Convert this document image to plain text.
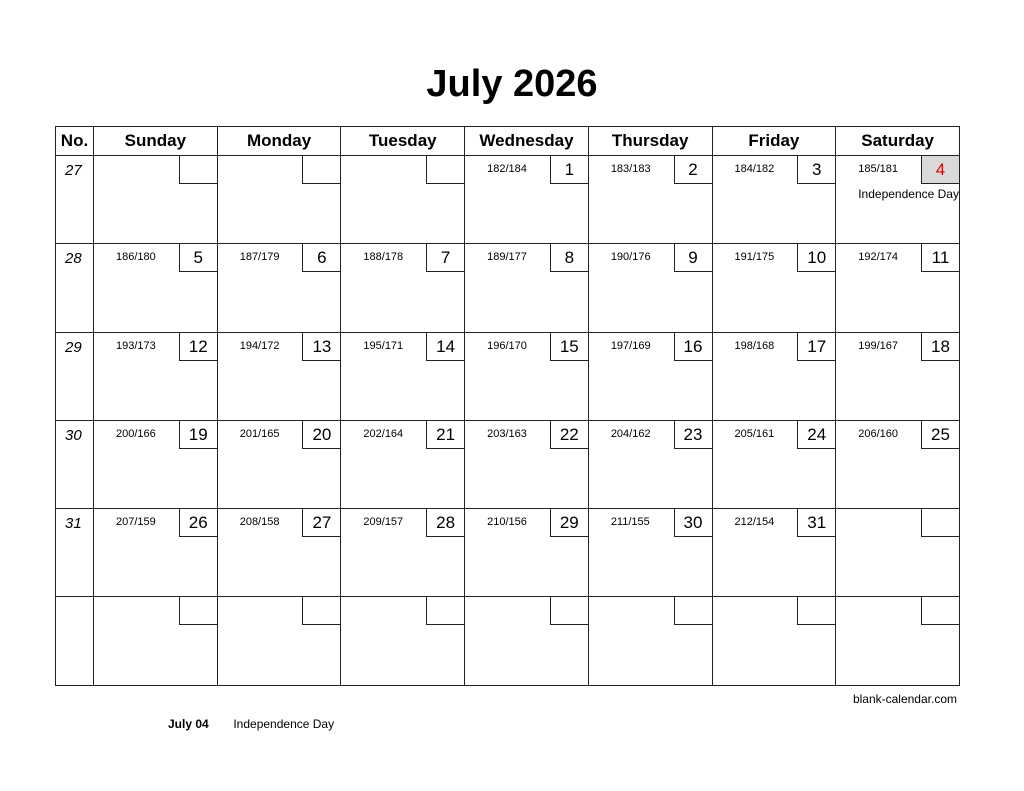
July 2026
No.	Sunday	Monday	Tuesday	Wednesday	Thursday	Friday	Saturday

27				182/184 1	183/183 2	184/182 3	185/181 4
Independence Day

28	186/180 5	187/179 6	188/178 7	189/177 8	190/176 9	191/175 10	192/174 11

29	193/173 12	194/172 13	195/171 14	196/170 15	197/169 16	198/168 17	199/167 18

30	200/166 19	201/165 20	202/164 21	203/163 22	204/162 23	205/161 24	206/160 25

31	207/159 26	208/158 27	209/157 28	210/156 29	211/155 30	212/154 31	

blank-calendar.com
July 04 Independence Day
